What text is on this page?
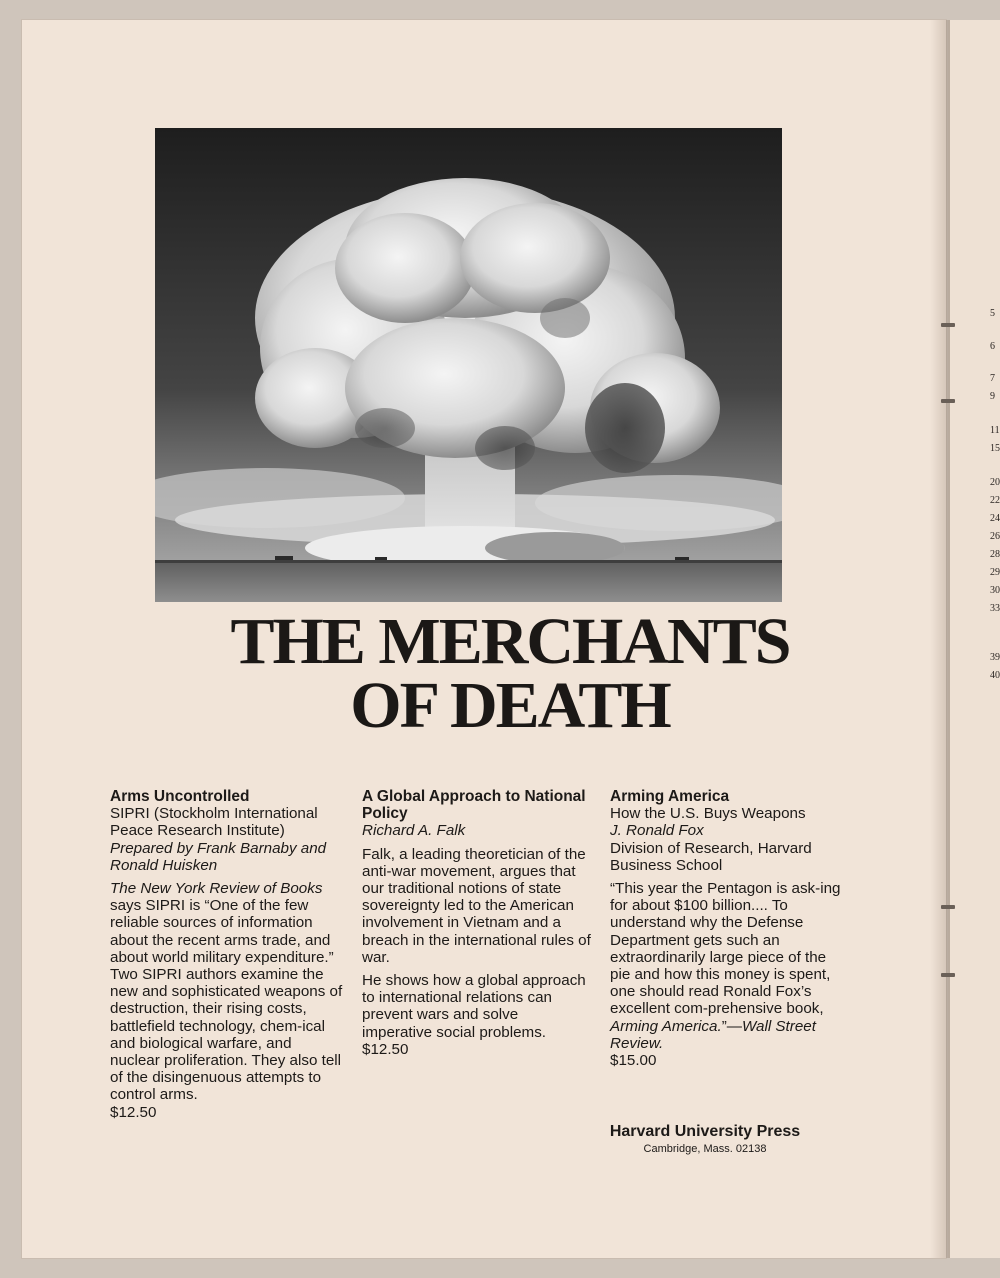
5
6
7
9
11
15
20
22
24
26
28
29
30
33
39
40
THE MERCHANTS
OF DEATH
Arms Uncontrolled
SIPRI (Stockholm International Peace Research Institute)
Prepared by Frank Barnaby and Ronald Huisken
The New York Review of Books says SIPRI is “One of the few reliable sources of information about the recent arms trade, and about world military expenditure.” Two SIPRI authors examine the new and sophisticated weapons of destruction, their rising costs, battlefield technology, chem-ical and biological warfare, and nuclear proliferation. They also tell of the disingenuous attempts to control arms.
$12.50
A Global Approach to National Policy
Richard A. Falk
Falk, a leading theoretician of the anti-war movement, argues that our traditional notions of state sovereignty led to the American involvement in Vietnam and a breach in the international rules of war.
He shows how a global approach to international relations can prevent wars and solve imperative social problems.
$12.50
Arming America
How the U.S. Buys Weapons
J. Ronald Fox
Division of Research, Harvard Business School
“This year the Pentagon is ask-ing for about $100 billion.... To understand why the Defense Department gets such an extraordinarily large piece of the pie and how this money is spent, one should read Ronald Fox’s excellent com-prehensive book, Arming America.”—Wall Street Review.
$15.00
Harvard University Press
Cambridge, Mass. 02138
